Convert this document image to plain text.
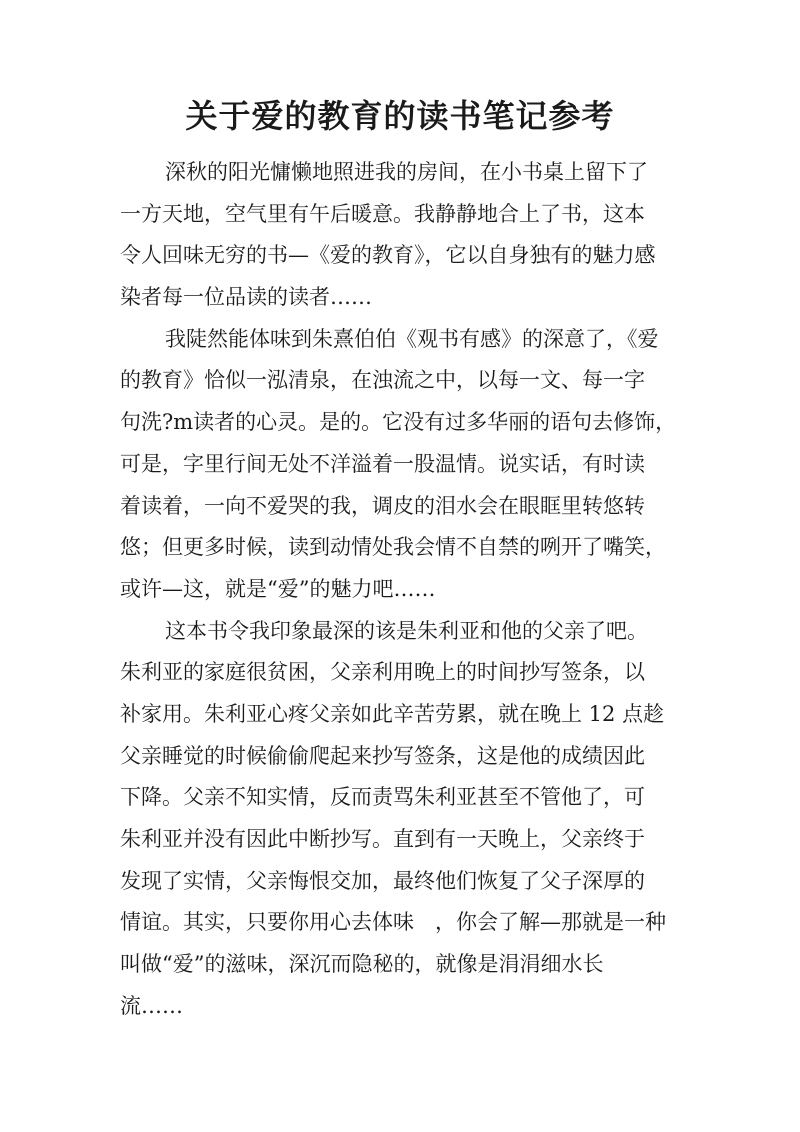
关于爱的教育的读书笔记参考
深秋的阳光慵懒地照进我的房间，在小书桌上留下了
一方天地，空气里有午后暖意。我静静地合上了书，这本
令人回味无穷的书—《爱的教育》，它以自身独有的魅力感
染者每一位品读的读者……
我陡然能体味到朱熹伯伯《观书有感》的深意了，《爱
的教育》恰似一泓清泉，在浊流之中，以每一文、每一字
句洗?m读者的心灵。是的。它没有过多华丽的语句去修饰，
可是，字里行间无处不洋溢着一股温情。说实话，有时读
着读着，一向不爱哭的我，调皮的泪水会在眼眶里转悠转
悠；但更多时候，读到动情处我会情不自禁的咧开了嘴笑，
或许—这，就是“爱”的魅力吧……
这本书令我印象最深的该是朱利亚和他的父亲了吧。
朱利亚的家庭很贫困，父亲利用晚上的时间抄写签条，以
补家用。朱利亚心疼父亲如此辛苦劳累，就在晚上 12 点趁
父亲睡觉的时候偷偷爬起来抄写签条，这是他的成绩因此
下降。父亲不知实情，反而责骂朱利亚甚至不管他了，可
朱利亚并没有因此中断抄写。直到有一天晚上，父亲终于
发现了实情，父亲悔恨交加，最终他们恢复了父子深厚的
情谊。其实，只要你用心去体味　，你会了解—那就是一种
叫做“爱”的滋味，深沉而隐秘的，就像是涓涓细水长
流……
